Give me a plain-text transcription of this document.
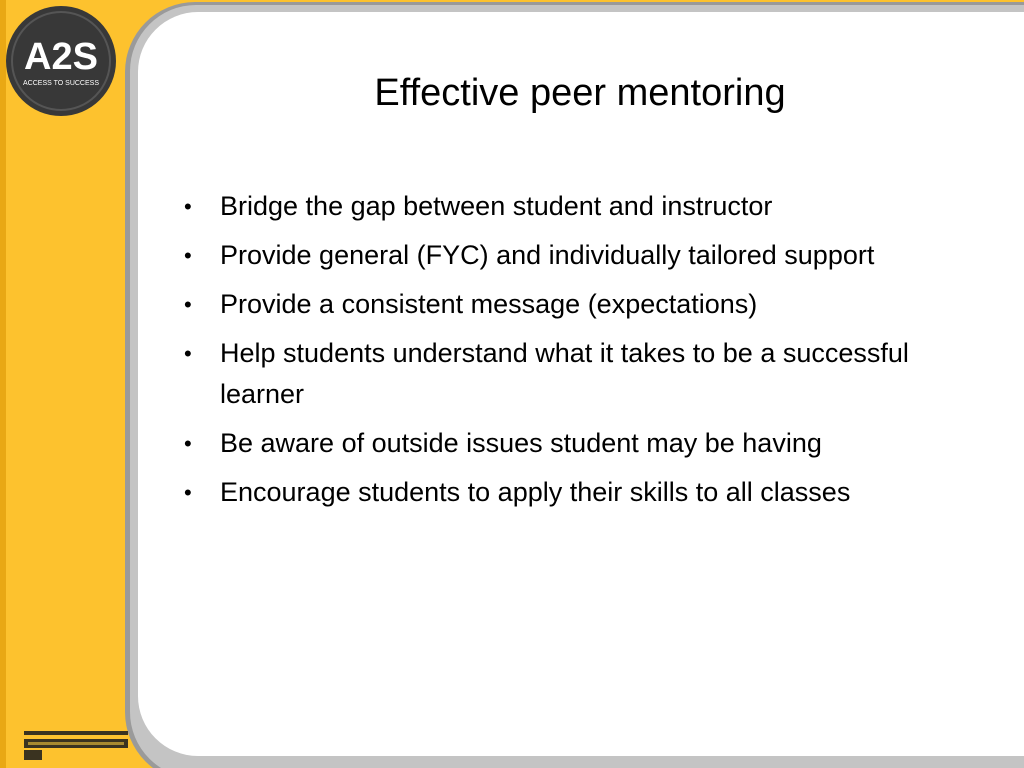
A2S
ACCESS TO SUCCESS	Effective peer mentoring
• Bridge the gap between student and instructor
• Provide general (FYC) and individually tailored support
• Provide a consistent message (expectations)
• Help students understand what it takes to be a successful learner
• Be aware of outside issues student may be having
• Encourage students to apply their skills to all classes
